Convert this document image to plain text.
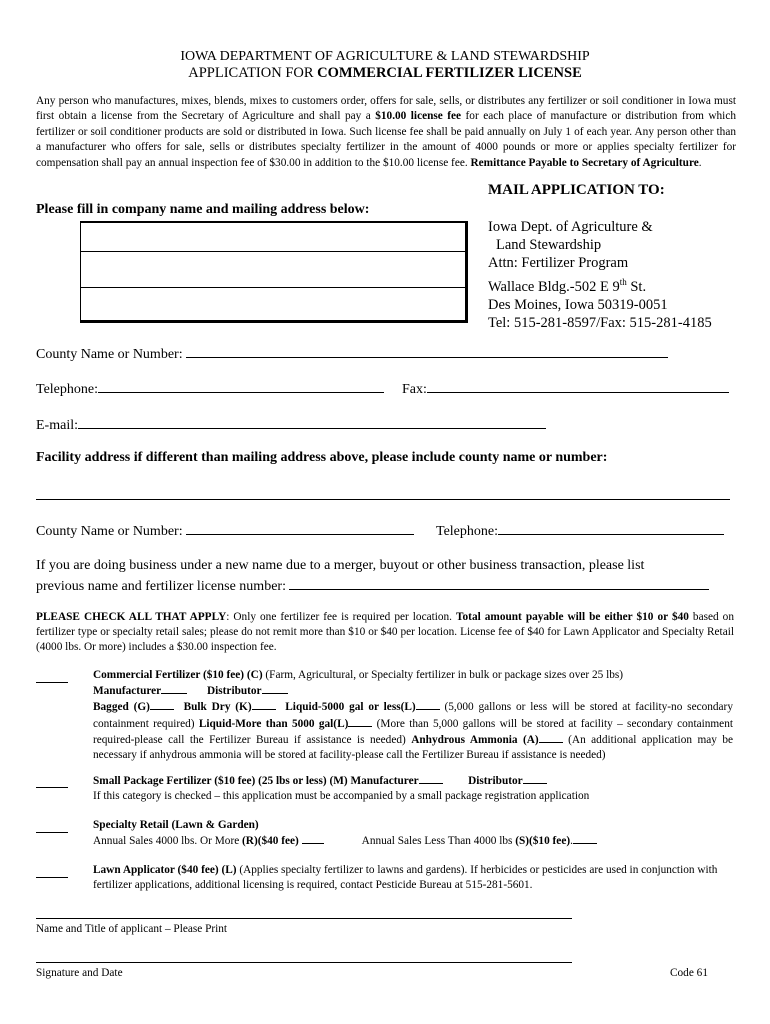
IOWA DEPARTMENT OF AGRICULTURE & LAND STEWARDSHIP
APPLICATION FOR COMMERCIAL FERTILIZER LICENSE
Any person who manufactures, mixes, blends, mixes to customers order, offers for sale, sells, or distributes any fertilizer or soil conditioner in Iowa must first obtain a license from the Secretary of Agriculture and shall pay a $10.00 license fee for each place of manufacture or distribution from which fertilizer or soil conditioner products are sold or distributed in Iowa. Such license fee shall be paid annually on July 1 of each year. Any person other than a manufacturer who offers for sale, sells or distributes specialty fertilizer in the amount of 4000 pounds or more or applies specialty fertilizer for compensation shall pay an annual inspection fee of $30.00 in addition to the $10.00 license fee. Remittance Payable to Secretary of Agriculture.
MAIL APPLICATION TO:
Iowa Dept. of Agriculture &
Land Stewardship
Attn: Fertilizer Program
Wallace Bldg.-502 E 9th St.
Des Moines, Iowa 50319-0051
Tel: 515-281-8597/Fax: 515-281-4185
Please fill in company name and mailing address below:
County Name or Number:
Telephone:	Fax:
E-mail:
Facility address if different than mailing address above, please include county name or number:
County Name or Number:	Telephone:
If you are doing business under a new name due to a merger, buyout or other business transaction, please list
previous name and fertilizer license number:
PLEASE CHECK ALL THAT APPLY: Only one fertilizer fee is required per location. Total amount payable will be either $10 or $40 based on fertilizer type or specialty retail sales; please do not remit more than $10 or $40 per location. License fee of $40 for Lawn Applicator and Specialty Retail (4000 lbs. Or more) includes a $30.00 inspection fee.
Commercial Fertilizer ($10 fee) (C) (Farm, Agricultural, or Specialty fertilizer in bulk or package sizes over 25 lbs)
Manufacturer	Distributor
Bagged (G)	Bulk Dry (K)	Liquid-5000 gal or less(L) (5,000 gallons or less will be stored at facility-no secondary containment required) Liquid-More than 5000 gal(L) (More than 5,000 gallons will be stored at facility – secondary containment required-please call the Fertilizer Bureau if assistance is needed) Anhydrous Ammonia (A) (An additional application may be necessary if anhydrous ammonia will be stored at facility-please call the Fertilizer Bureau if assistance is needed)
Small Package Fertilizer ($10 fee) (25 lbs or less) (M) Manufacturer	Distributor
If this category is checked – this application must be accompanied by a small package registration application
Specialty Retail (Lawn & Garden)
Annual Sales 4000 lbs. Or More (R)($40 fee)	Annual Sales Less Than 4000 lbs (S)($10 fee).
Lawn Applicator ($40 fee) (L) (Applies specialty fertilizer to lawns and gardens). If herbicides or pesticides are used in conjunction with fertilizer applications, additional licensing is required, contact Pesticide Bureau at 515-281-5601.
Name and Title of applicant – Please Print
Signature and Date	Code 61
